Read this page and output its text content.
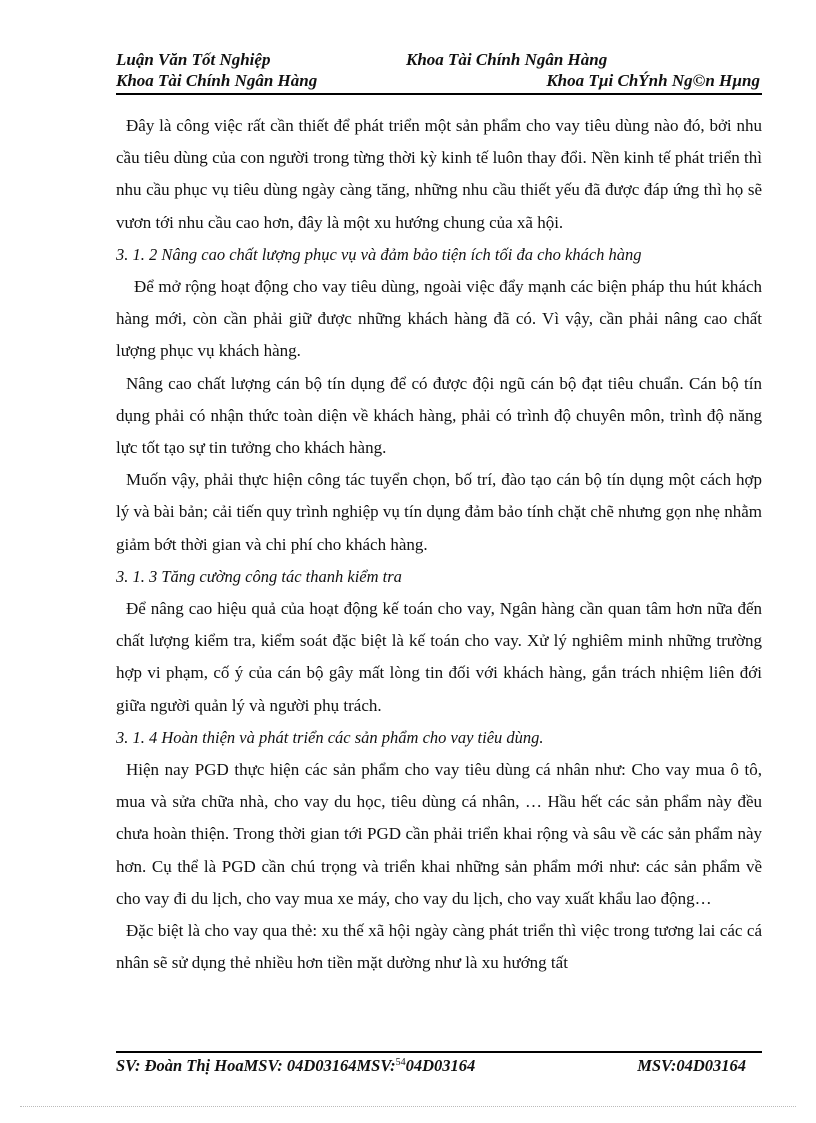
Luận Văn Tốt Nghiệp	Khoa Tài Chính Ngân Hàng
Khoa Tài Chính Ngân Hàng	Khoa Tµi ChÝnh Ng©n Hµng

Đây là công việc rất cần thiết để phát triển một sản phẩm cho vay tiêu dùng nào đó, bởi nhu cầu tiêu dùng của con người trong từng thời kỳ kinh tế luôn thay đổi. Nền kinh tế phát triển thì nhu cầu phục vụ tiêu dùng ngày càng tăng, những nhu cầu thiết yếu đã được đáp ứng thì họ sẽ vươn tới nhu cầu cao hơn, đây là một xu hướng chung của xã hội.

3. 1. 2 Nâng cao chất lượng phục vụ và đảm bảo tiện ích tối đa cho khách hàng

Để mở rộng hoạt động cho vay tiêu dùng, ngoài việc đẩy mạnh các biện pháp thu hút khách hàng mới, còn cần phải giữ được những khách hàng đã có. Vì vậy, cần phải nâng cao chất lượng phục vụ khách hàng.

Nâng cao chất lượng cán bộ tín dụng để có được đội ngũ cán bộ đạt tiêu chuẩn. Cán bộ tín dụng phải có nhận thức toàn diện về khách hàng, phải có trình độ chuyên môn, trình độ năng lực tốt tạo sự tin tưởng cho khách hàng.

Muốn vậy, phải thực hiện công tác tuyển chọn, bố trí, đào tạo cán bộ tín dụng một cách hợp lý và bài bản; cải tiến quy trình nghiệp vụ tín dụng đảm bảo tính chặt chẽ nhưng gọn nhẹ nhằm giảm bớt thời gian và chi phí cho khách hàng.

3. 1. 3 Tăng cường công tác thanh kiểm tra

Để nâng cao hiệu quả của hoạt động kế toán cho vay, Ngân hàng cần quan tâm hơn nữa đến chất lượng kiểm tra, kiểm soát đặc biệt là kế toán cho vay. Xử lý nghiêm minh những trường hợp vi phạm, cố ý của cán bộ gây mất lòng tin đối với khách hàng, gắn trách nhiệm liên đới giữa người quản lý và người phụ trách.

3. 1. 4 Hoàn thiện và phát triển các sản phẩm cho vay tiêu dùng.

Hiện nay PGD thực hiện các sản phẩm cho vay tiêu dùng cá nhân như: Cho vay mua ô tô, mua và sửa chữa nhà, cho vay du học, tiêu dùng cá nhân, … Hầu hết các sản phẩm này đều chưa hoàn thiện. Trong thời gian tới PGD cần phải triển khai rộng và sâu về các sản phẩm này hơn. Cụ thể là PGD cần chú trọng và triển khai những sản phẩm mới như: các sản phẩm về cho vay đi du lịch, cho vay mua xe máy, cho vay du lịch, cho vay xuất khẩu lao động…

Đặc biệt là cho vay qua thẻ: xu thế xã hội ngày càng phát triển thì việc trong tương lai các cá nhân sẽ sử dụng thẻ nhiều hơn tiền mặt dường như là xu hướng tất

SV: Đoàn Thị HoaMSV: 04D03164MSV:$^{54}$04D03164	MSV:04D03164
